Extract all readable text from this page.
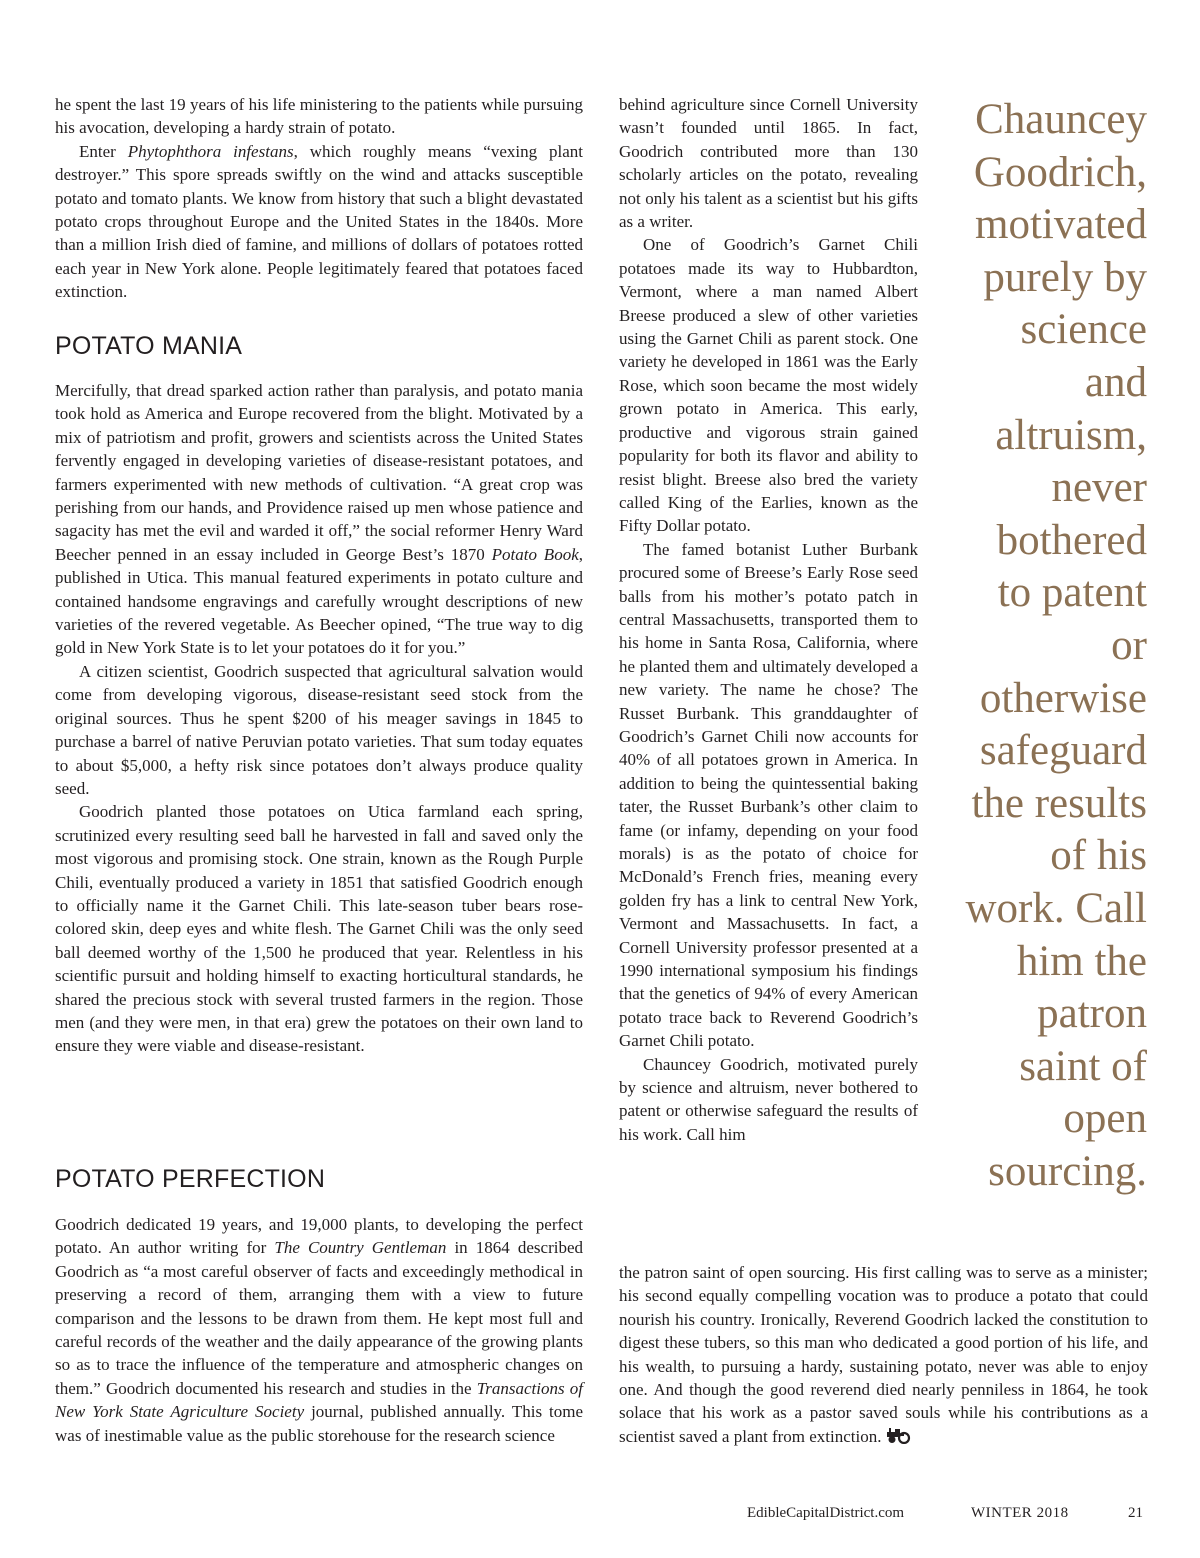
he spent the last 19 years of his life ministering to the patients while pursuing his avocation, developing a hardy strain of potato.

Enter Phytophthora infestans, which roughly means “vexing plant destroyer.” This spore spreads swiftly on the wind and attacks susceptible potato and tomato plants. We know from history that such a blight devastated potato crops throughout Europe and the United States in the 1840s. More than a million Irish died of famine, and millions of dollars of potatoes rotted each year in New York alone. People legitimately feared that potatoes faced extinction.

POTATO MANIA

Mercifully, that dread sparked action rather than paralysis, and potato mania took hold as America and Europe recovered from the blight. Motivated by a mix of patriotism and profit, growers and scientists across the United States fervently engaged in developing varieties of disease-resistant potatoes, and farmers experimented with new methods of cultivation. “A great crop was perishing from our hands, and Providence raised up men whose patience and sagacity has met the evil and warded it off,” the social reformer Henry Ward Beecher penned in an essay included in George Best’s 1870 Potato Book, published in Utica. This manual featured experiments in potato culture and contained handsome engravings and carefully wrought descriptions of new varieties of the revered vegetable. As Beecher opined, “The true way to dig gold in New York State is to let your potatoes do it for you.”

A citizen scientist, Goodrich suspected that agricultural salvation would come from developing vigorous, disease-resistant seed stock from the original sources. Thus he spent $200 of his meager savings in 1845 to purchase a barrel of native Peruvian potato varieties. That sum today equates to about $5,000, a hefty risk since potatoes don’t always produce quality seed.

Goodrich planted those potatoes on Utica farmland each spring, scrutinized every resulting seed ball he harvested in fall and saved only the most vigorous and promising stock. One strain, known as the Rough Purple Chili, eventually produced a variety in 1851 that satisfied Goodrich enough to officially name it the Garnet Chili. This late-season tuber bears rose-colored skin, deep eyes and white flesh. The Garnet Chili was the only seed ball deemed worthy of the 1,500 he produced that year. Relentless in his scientific pursuit and holding himself to exacting horticultural standards, he shared the precious stock with several trusted farmers in the region. Those men (and they were men, in that era) grew the potatoes on their own land to ensure they were viable and disease-resistant.

POTATO PERFECTION

Goodrich dedicated 19 years, and 19,000 plants, to developing the perfect potato. An author writing for The Country Gentleman in 1864 described Goodrich as “a most careful observer of facts and exceedingly methodical in preserving a record of them, arranging them with a view to future comparison and the lessons to be drawn from them. He kept most full and careful records of the weather and the daily appearance of the growing plants so as to trace the influence of the temperature and atmospheric changes on them.” Goodrich documented his research and studies in the Transactions of New York State Agriculture Society journal, published annually. This tome was of inestimable value as the public storehouse for the research science

behind agriculture since Cornell University wasn’t founded until 1865. In fact, Goodrich contributed more than 130 scholarly articles on the potato, revealing not only his talent as a scientist but his gifts as a writer.

One of Goodrich’s Garnet Chili potatoes made its way to Hubbardton, Vermont, where a man named Albert Breese produced a slew of other varieties using the Garnet Chili as parent stock. One variety he developed in 1861 was the Early Rose, which soon became the most widely grown potato in America. This early, productive and vigorous strain gained popularity for both its flavor and ability to resist blight. Breese also bred the variety called King of the Earlies, known as the Fifty Dollar potato.

The famed botanist Luther Burbank procured some of Breese’s Early Rose seed balls from his mother’s potato patch in central Massachusetts, transported them to his home in Santa Rosa, California, where he planted them and ultimately developed a new variety. The name he chose? The Russet Burbank. This granddaughter of Goodrich’s Garnet Chili now accounts for 40% of all potatoes grown in America. In addition to being the quintessential baking tater, the Russet Burbank’s other claim to fame (or infamy, depending on your food morals) is as the potato of choice for McDonald’s French fries, meaning every golden fry has a link to central New York, Vermont and Massachusetts. In fact, a Cornell University professor presented at a 1990 international symposium his findings that the genetics of 94% of every American potato trace back to Reverend Goodrich’s Garnet Chili potato.

Chauncey Goodrich, motivated purely by science and altruism, never bothered to patent or otherwise safeguard the results of his work. Call him

the patron saint of open sourcing. His first calling was to serve as a minister; his second equally compelling vocation was to produce a potato that could nourish his country. Ironically, Reverend Goodrich lacked the constitution to digest these tubers, so this man who dedicated a good portion of his life, and his wealth, to pursuing a hardy, sustaining potato, never was able to enjoy one. And though the good reverend died nearly penniless in 1864, he took solace that his work as a pastor saved souls while his contributions as a scientist saved a plant from extinction.

Chauncey
Goodrich,
motivated
purely by
science
and
altruism,
never
bothered
to patent
or
otherwise
safeguard
the results
of his
work. Call
him the
patron
saint of
open
sourcing.
EdibleCapitalDistrict.com	WINTER 2018	21
